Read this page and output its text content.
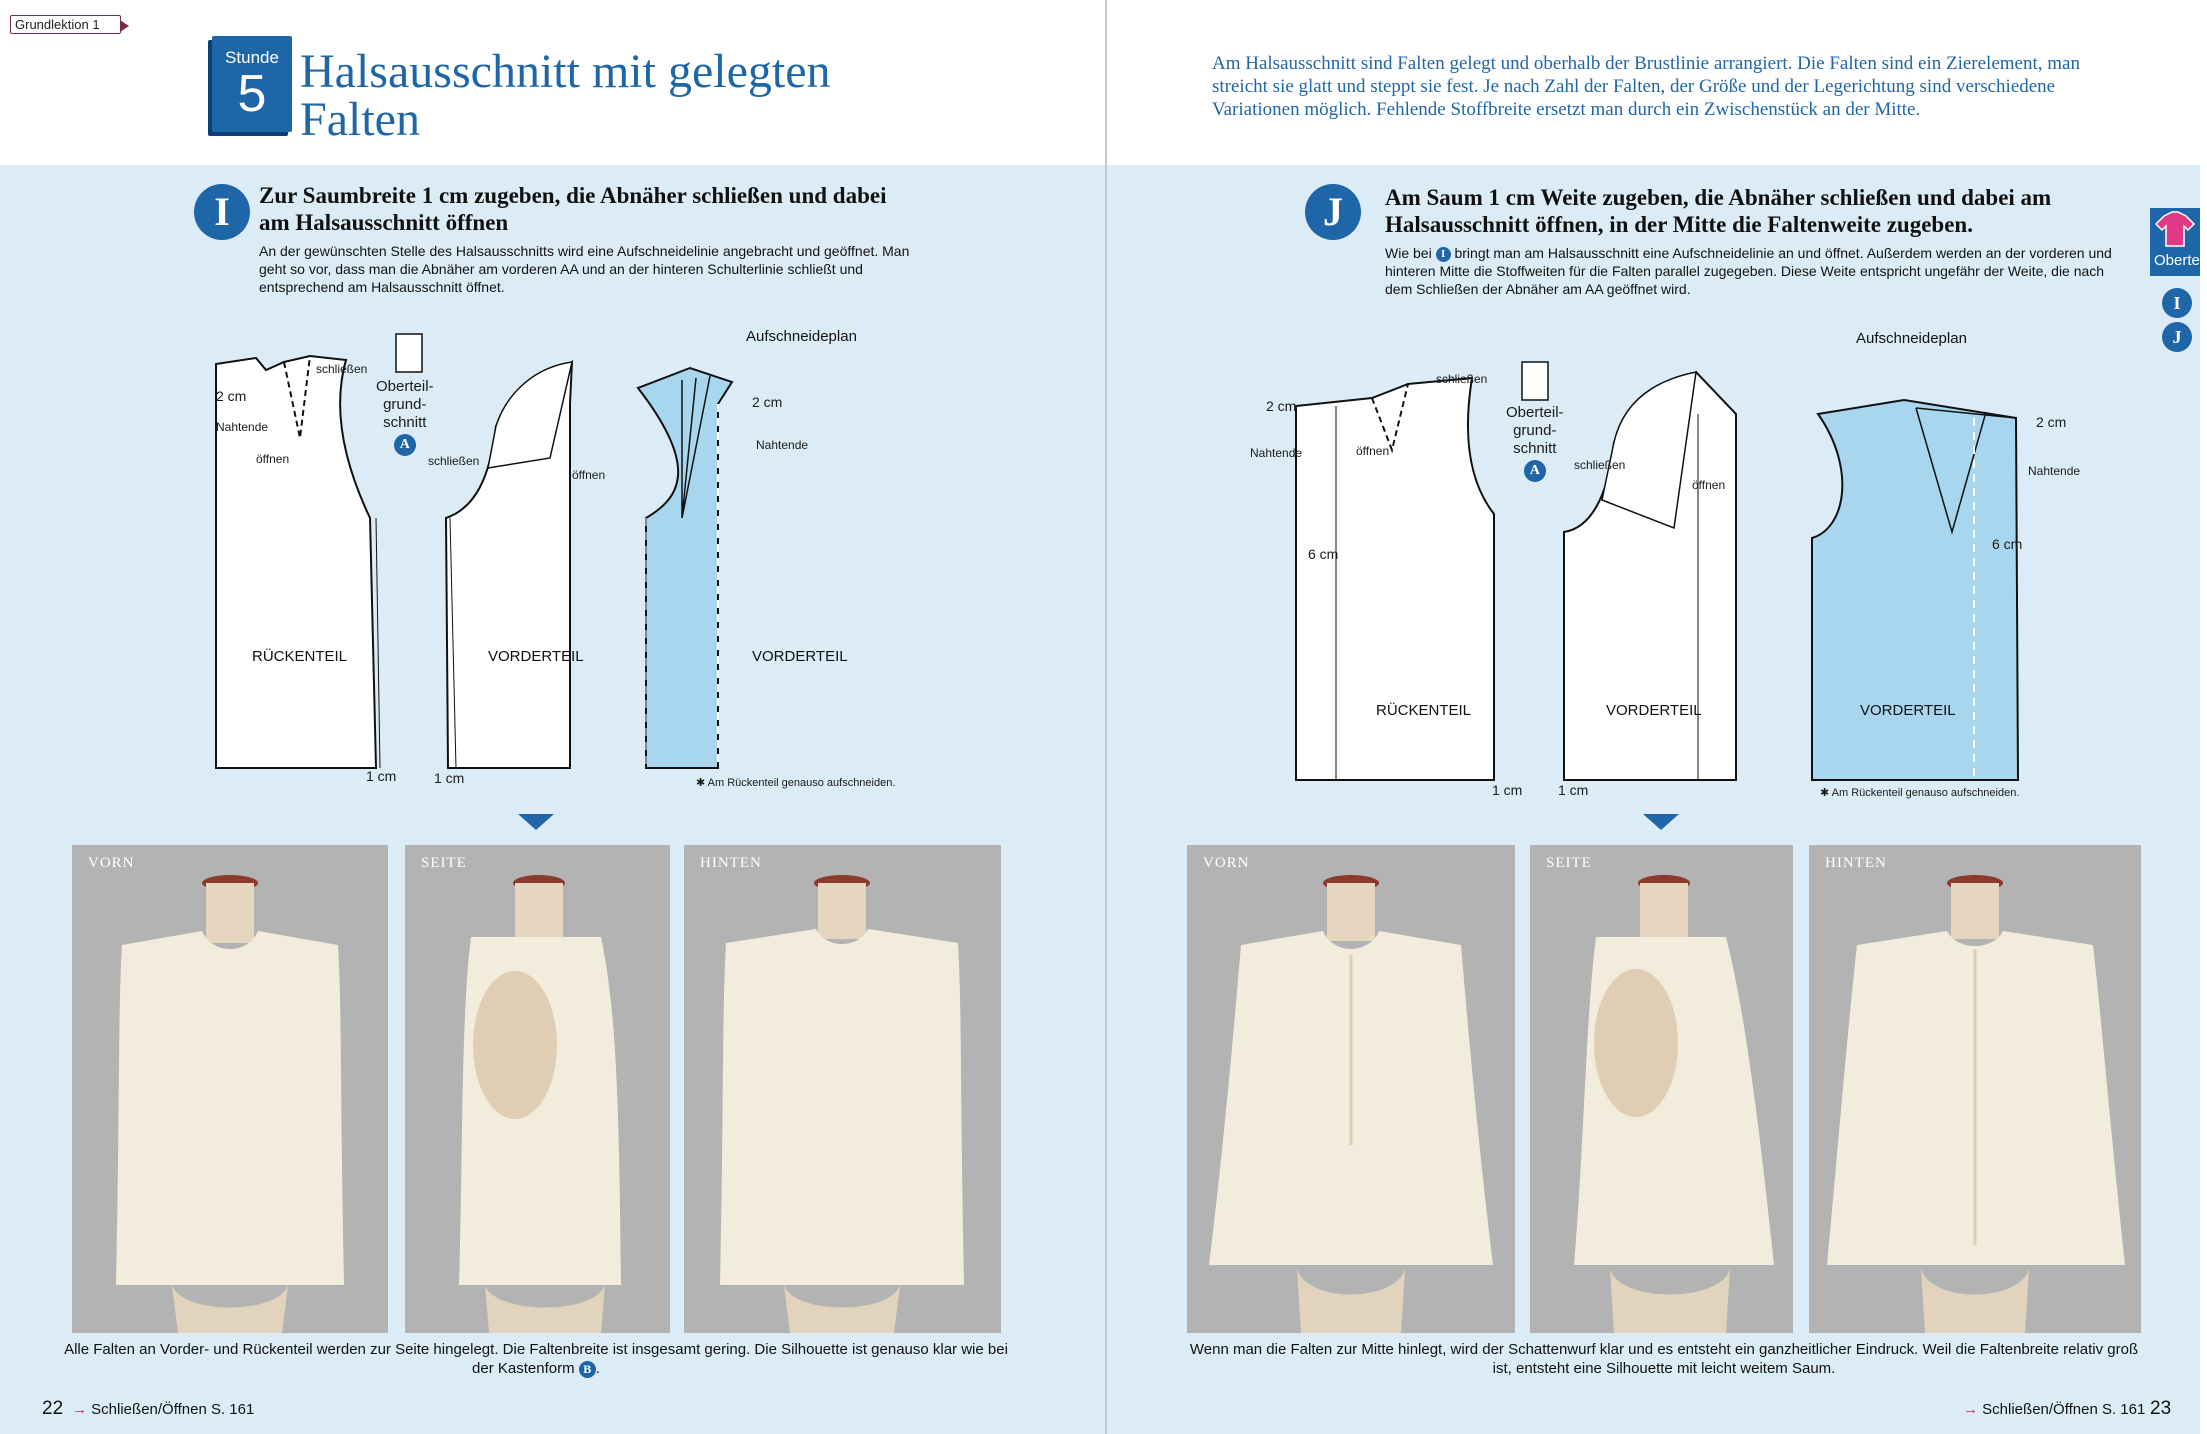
Grundlektion 1
Stunde
5 Halsausschnitt mit gelegten
Falten
Am Halsausschnitt sind Falten gelegt und oberhalb der Brustlinie arrangiert. Die Falten sind ein Zierelement, man streicht sie glatt und steppt sie fest. Je nach Zahl der Falten, der Größe und der Legerichtung sind verschiedene Variationen möglich. Fehlende Stoffbreite ersetzt man durch ein Zwischenstück an der Mitte.
I	Zur Saumbreite 1 cm zugeben, die Abnäher schließen und dabei am Halsausschnitt öffnen
An der gewünschten Stelle des Halsausschnitts wird eine Aufschneidelinie angebracht und geöffnet. Man geht so vor, dass man die Abnäher am vorderen AA und an der hinteren Schulterlinie schließt und entsprechend am Halsausschnitt öffnet.
J	Am Saum 1 cm Weite zugeben, die Abnäher schließen und dabei am Halsausschnitt öffnen, in der Mitte die Faltenweite zugeben.
Wie bei I bringt man am Halsausschnitt eine Aufschneidelinie an und öffnet. Außerdem werden an der vorderen und hinteren Mitte die Stoffweiten für die Falten parallel zugegeben. Diese Weite entspricht ungefähr der Weite, die nach dem Schließen der Abnäher am AA geöffnet wird.
RÜCKENTEIL	VORDERTEIL	VORDERTEIL
Aufschneideplan
schließen
Nahtende
öffnen
2 cm
schließen
öffnen
2 cm
Nahtende
1 cm	1 cm
Oberteil-
grund-
schnitt
A
✱ Am Rückenteil genauso aufschneiden.
RÜCKENTEIL	VORDERTEIL	VORDERTEIL
Aufschneideplan
schließen
2 cm
Nahtende	öffnen
6 cm
schließen
öffnen
2 cm
Nahtende
6 cm
1 cm	1 cm
Oberteil-
grund-
schnitt
A
✱ Am Rückenteil genauso aufschneiden.
VORN	SEITE	HINTEN	VORN	SEITE	HINTEN
Alle Falten an Vorder- und Rückenteil werden zur Seite hingelegt. Die Faltenbreite ist insgesamt gering. Die Silhouette ist genauso klar wie bei der Kastenform B .
Wenn man die Falten zur Mitte hinlegt, wird der Schattenwurf klar und es entsteht ein ganzheitlicher Eindruck. Weil die Faltenbreite relativ groß ist, entsteht eine Silhouette mit leicht weitem Saum.
22 → Schließen/Öffnen S. 161	→ Schließen/Öffnen S. 161 23
Oberteil
I
J
